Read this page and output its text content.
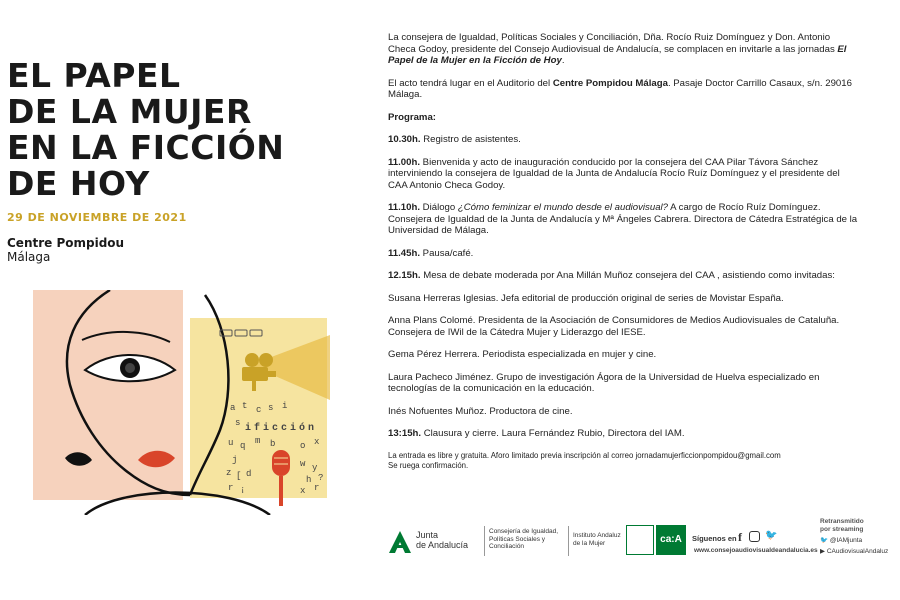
EL PAPEL
DE LA MUJER
EN LA FICCIÓN
DE HOY
29 DE NOVIEMBRE DE 2021
Centre Pompidou
Málaga
a t c s i
s i f i c c i ó n
u q m b	o x
j
z [ d
w y
h ?
r ¡	x r

La consejera de Igualdad, Políticas Sociales y Conciliación, Dña. Rocío Ruiz Domínguez y Don. Antonio Checa Godoy, presidente del Consejo Audiovisual de Andalucía, se complacen en invitarle a las jornadas El Papel de la Mujer en la Ficción de Hoy.

El acto tendrá lugar en el Auditorio del Centre Pompidou Málaga. Pasaje Doctor Carrillo Casaux, s/n. 29016 Málaga.

Programa:

10.30h. Registro de asistentes.

11.00h. Bienvenida y acto de inauguración conducido por la consejera del CAA Pilar Távora Sánchez interviniendo la consejera de Igualdad de la Junta de Andalucía Rocío Ruíz Domínguez y el presidente del CAA Antonio Checa Godoy.

11.10h. Diálogo ¿Cómo feminizar el mundo desde el audiovisual? A cargo de Rocío Ruíz Domínguez. Consejera de Igualdad de la Junta de Andalucía y Mª Ángeles Cabrera. Directora de Cátedra Estratégica de la Universidad de Málaga.

11.45h. Pausa/café.

12.15h. Mesa de debate moderada por Ana Millán Muñoz consejera del CAA , asistiendo como invitadas:

Susana Herreras Iglesias. Jefa editorial de producción original de series de Movistar España.

Anna Plans Colomé. Presidenta de la Asociación de Consumidores de Medios Audiovisuales de Cataluña. Consejera de IWil de la Cátedra Mujer y Liderazgo del IESE.

Gema Pérez Herrera. Periodista especializada en mujer y cine.

Laura Pacheco Jiménez. Grupo de investigación Ágora de la Universidad de Huelva especializado en tecnologías de la comunicación en la educación.

Inés Nofuentes Muñoz. Productora de cine.

13:15h. Clausura y cierre. Laura Fernández Rubio, Directora del IAM.

La entrada es libre y gratuita. Aforo limitado previa inscripción al correo jornadamujerficcionpompidou@gmail.com

Se ruega confirmación.

Junta
de Andalucía
Consejería de Igualdad, Políticas Sociales y Conciliación
Instituto Andaluz de la Mujer	ca:A	Síguenos en f 🐦
www.consejoaudiovisualdeandalucia.es
Retransmitido
por streaming
🐦 @IAMjunta
▶ CAudiovisualAndaluz
